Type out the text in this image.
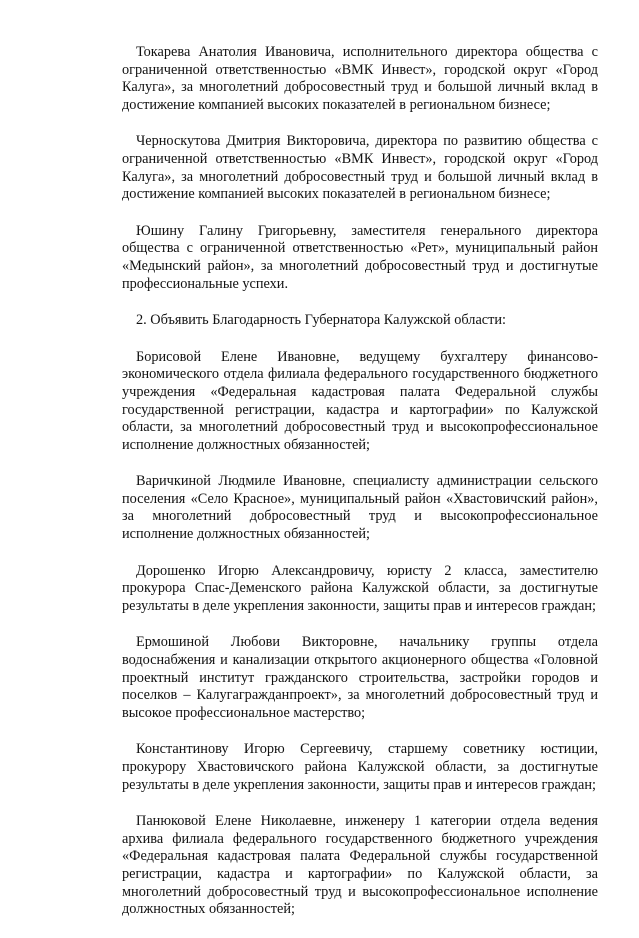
Токарева Анатолия Ивановича, исполнительного директора общества с ограниченной ответственностью «ВМК Инвест», городской округ «Город Калуга», за многолетний добросовестный труд и большой личный вклад в достижение компанией высоких показателей в региональном бизнесе;

Черноскутова Дмитрия Викторовича, директора по развитию общества с ограниченной ответственностью «ВМК Инвест», городской округ «Город Калуга», за многолетний добросовестный труд и большой личный вклад в достижение компанией высоких показателей в региональном бизнесе;

Юшину Галину Григорьевну, заместителя генерального директора общества с ограниченной ответственностью «Рет», муниципальный район «Медынский район», за многолетний добросовестный труд и достигнутые профессиональные успехи.

2. Объявить Благодарность Губернатора Калужской области:

Борисовой Елене Ивановне, ведущему бухгалтеру финансово-экономического отдела филиала федерального государственного бюджетного учреждения «Федеральная кадастровая палата Федеральной службы государственной регистрации, кадастра и картографии» по Калужской области, за многолетний добросовестный труд и высокопрофессиональное исполнение должностных обязанностей;

Варичкиной Людмиле Ивановне, специалисту администрации сельского поселения «Село Красное», муниципальный район «Хвастовичский район», за многолетний добросовестный труд и высокопрофессиональное исполнение должностных обязанностей;

Дорошенко Игорю Александровичу, юристу 2 класса, заместителю прокурора Спас-Деменского района Калужской области, за достигнутые результаты в деле укрепления законности, защиты прав и интересов граждан;

Ермошиной Любови Викторовне, начальнику группы отдела водоснабжения и канализации открытого акционерного общества «Головной проектный институт гражданского строительства, застройки городов и поселков – Калугагражданпроект», за многолетний добросовестный труд и высокое профессиональное мастерство;

Константинову Игорю Сергеевичу, старшему советнику юстиции, прокурору Хвастовичского района Калужской области, за достигнутые результаты в деле укрепления законности, защиты прав и интересов граждан;

Панюковой Елене Николаевне, инженеру 1 категории отдела ведения архива филиала федерального государственного бюджетного учреждения «Федеральная кадастровая палата Федеральной службы государственной регистрации, кадастра и картографии» по Калужской области, за многолетний добросовестный труд и высокопрофессиональное исполнение должностных обязанностей;
